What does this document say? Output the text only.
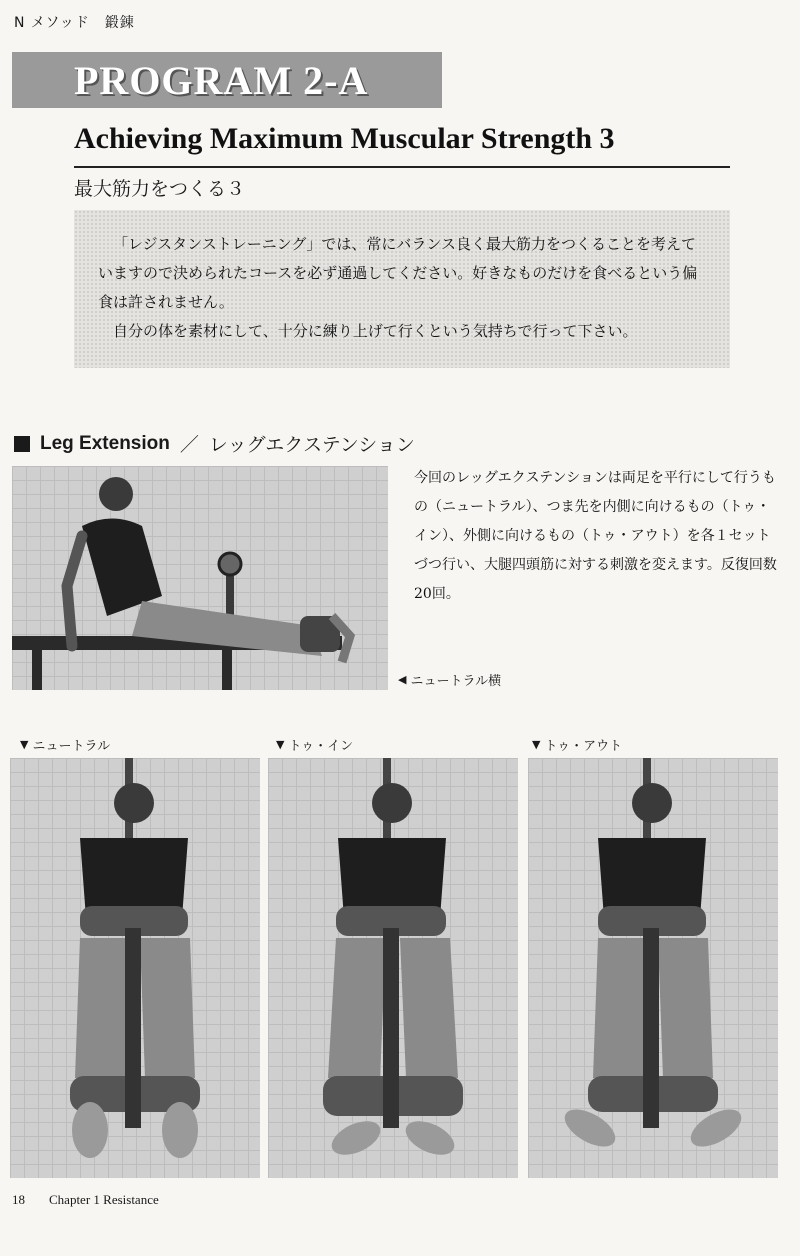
N メソッド　鍛錬
PROGRAM 2-A
Achieving Maximum Muscular Strength 3
最大筋力をつくる３

「レジスタンストレーニング」では、常にバランス良く最大筋力をつくることを考えていますので決められたコースを必ず通過してください。好きなものだけを食べるという偏食は許されません。

自分の体を素材にして、十分に練り上げて行くという気持ちで行って下さい。

Leg Extension ／ レッグエクステンション
今回のレッグエクステンションは両足を平行にして行うもの（ニュートラル）、つま先を内側に向けるもの（トゥ・イン）、外側に向けるもの（トゥ・アウト）を各１セットづつ行い、大腿四頭筋に対する刺激を変えます。反復回数20回。
◀ ニュートラル横
▼ ニュートラル	▼ トゥ・イン	▼ トゥ・アウト
18 Chapter 1 Resistance
